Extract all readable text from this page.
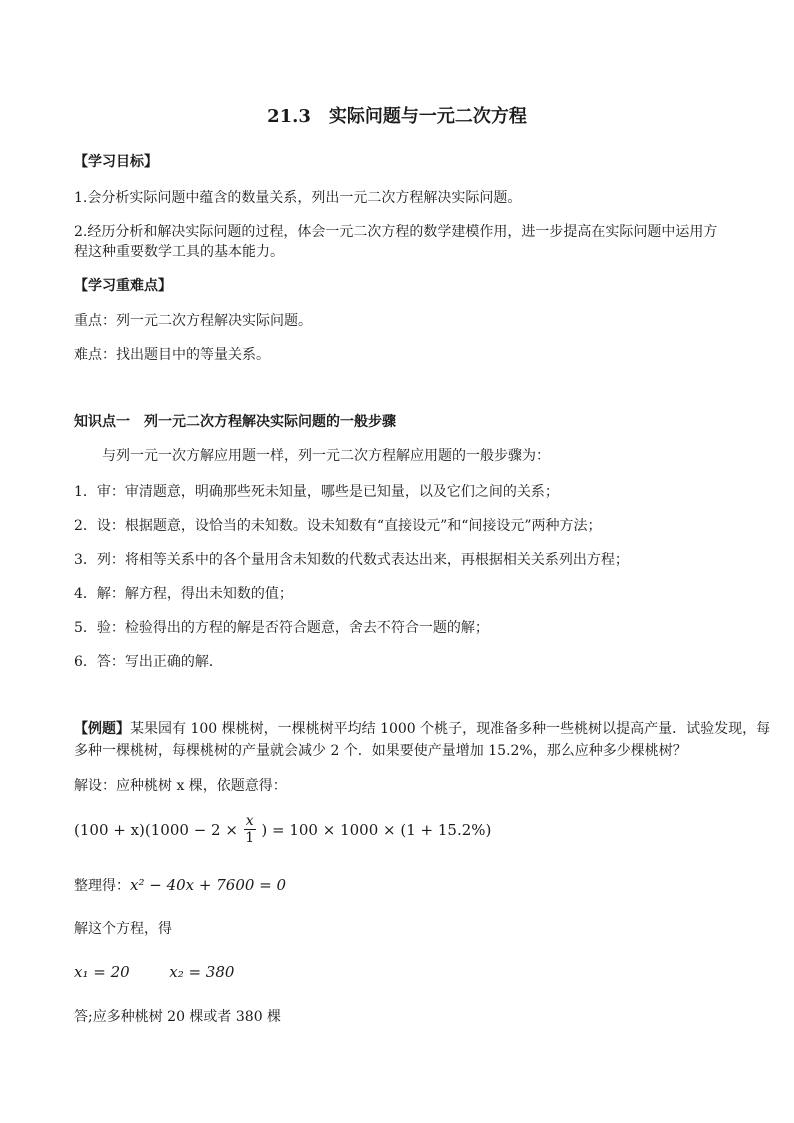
21.3　实际问题与一元二次方程
【学习目标】
1.会分析实际问题中蕴含的数量关系，列出一元二次方程解决实际问题。
2.经历分析和解决实际问题的过程，体会一元二次方程的数学建模作用，进一步提高在实际问题中运用方
程这种重要数学工具的基本能力。
【学习重难点】
重点：列一元二次方程解决实际问题。
难点：找出题目中的等量关系。
知识点一　列一元二次方程解决实际问题的一般步骤
与列一元一次方解应用题一样，列一元二次方程解应用题的一般步骤为：
1．审：审清题意，明确那些死未知量，哪些是已知量，以及它们之间的关系；
2．设：根据题意，设恰当的未知数。设未知数有“直接设元”和“间接设元”两种方法；
3．列：将相等关系中的各个量用含未知数的代数式表达出来，再根据相关关系列出方程；
4．解：解方程，得出未知数的值；
5．验：检验得出的方程的解是否符合题意，舍去不符合一题的解；
6．答：写出正确的解．
【例题】某果园有 100 棵桃树，一棵桃树平均结 1000 个桃子，现准备多种一些桃树以提高产量．试验发现，每
多种一棵桃树，每棵桃树的产量就会减少 2 个．如果要使产量增加 15.2%，那么应种多少棵桃树？
解设：应种桃树 x 棵，依题意得：
$(100 + x)(1000 - 2 \times \frac{x}{1}$ ) = 100 × 1000 × (1 + 15.2%)
整理得：x² − 40x + 7600 = 0
解这个方程，得
x₁ = 20	x₂ = 380
答;应多种桃树 20 棵或者 380 棵
